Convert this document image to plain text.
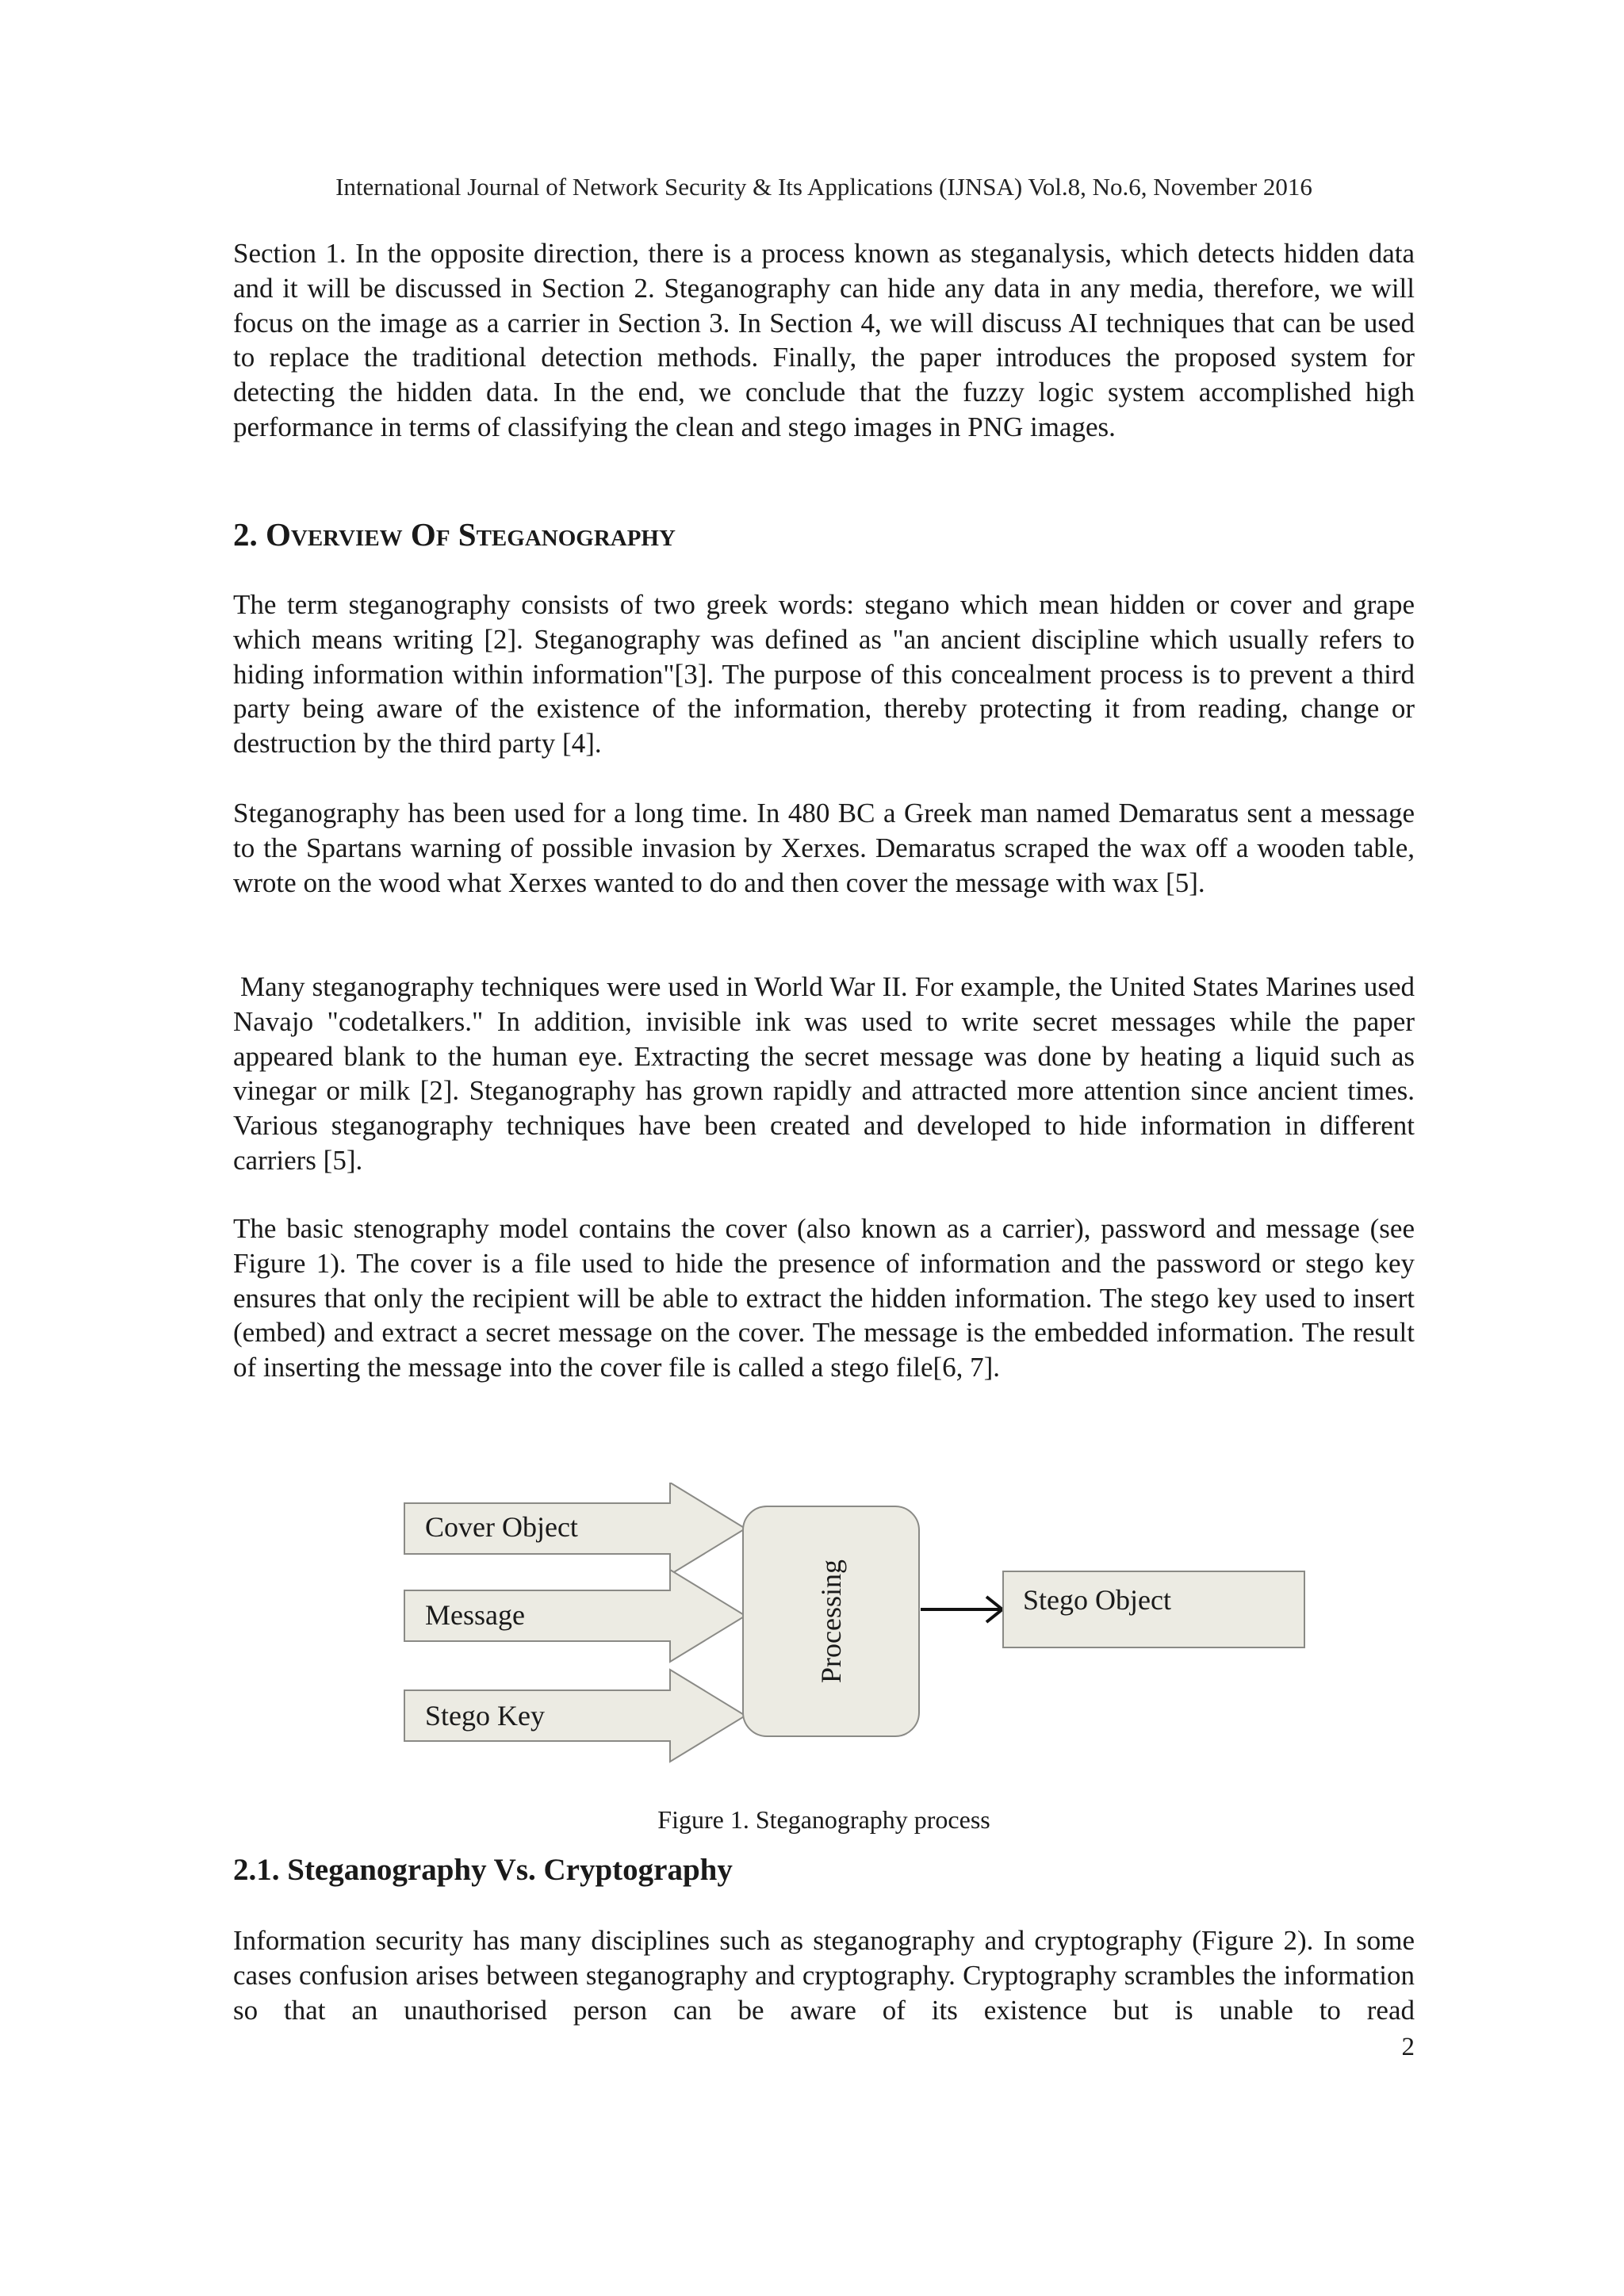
International Journal of Network Security & Its Applications (IJNSA) Vol.8, No.6, November 2016

Section 1. In the opposite direction, there is a process known as steganalysis, which detects hidden data and it will be discussed in Section 2. Steganography can hide any data in any media, therefore, we will focus on the image as a carrier in Section 3. In Section 4, we will discuss AI techniques that can be used to replace the traditional detection methods. Finally, the paper introduces the proposed system for detecting the hidden data. In the end, we conclude that the fuzzy logic system accomplished high performance in terms of classifying the clean and stego images in PNG images.

2. Overview Of Steganography

The term steganography consists of two greek words: stegano which mean hidden or cover and grape which means writing [2]. Steganography was defined as "an ancient discipline which usually refers to hiding information within information"[3]. The purpose of this concealment process is to prevent a third party being aware of the existence of the information, thereby protecting it from reading, change or destruction by the third party [4].

Steganography has been used for a long time. In 480 BC a Greek man named Demaratus sent a message to the Spartans warning of possible invasion by Xerxes. Demaratus scraped the wax off a wooden table, wrote on the wood what Xerxes wanted to do and then cover the message with wax [5].

Many steganography techniques were used in World War II. For example, the United States Marines used Navajo "codetalkers." In addition, invisible ink was used to write secret messages while the paper appeared blank to the human eye. Extracting the secret message was done by heating a liquid such as vinegar or milk [2]. Steganography has grown rapidly and attracted more attention since ancient times. Various steganography techniques have been created and developed to hide information in different carriers [5].

The basic stenography model contains the cover (also known as a carrier), password and message (see Figure 1). The cover is a file used to hide the presence of information and the password or stego key ensures that only the recipient will be able to extract the hidden information. The stego key used to insert (embed) and extract a secret message on the cover. The message is the embedded information. The result of inserting the message into the cover file is called a stego file[6, 7].

Cover Object
Message
Stego Key
Processing	Stego Object
Figure 1. Steganography process
2.1. Steganography Vs. Cryptography

Information security has many disciplines such as steganography and cryptography (Figure 2). In some cases confusion arises between steganography and cryptography. Cryptography scrambles the information so that an unauthorised person can be aware of its existence but is unable to read

2
